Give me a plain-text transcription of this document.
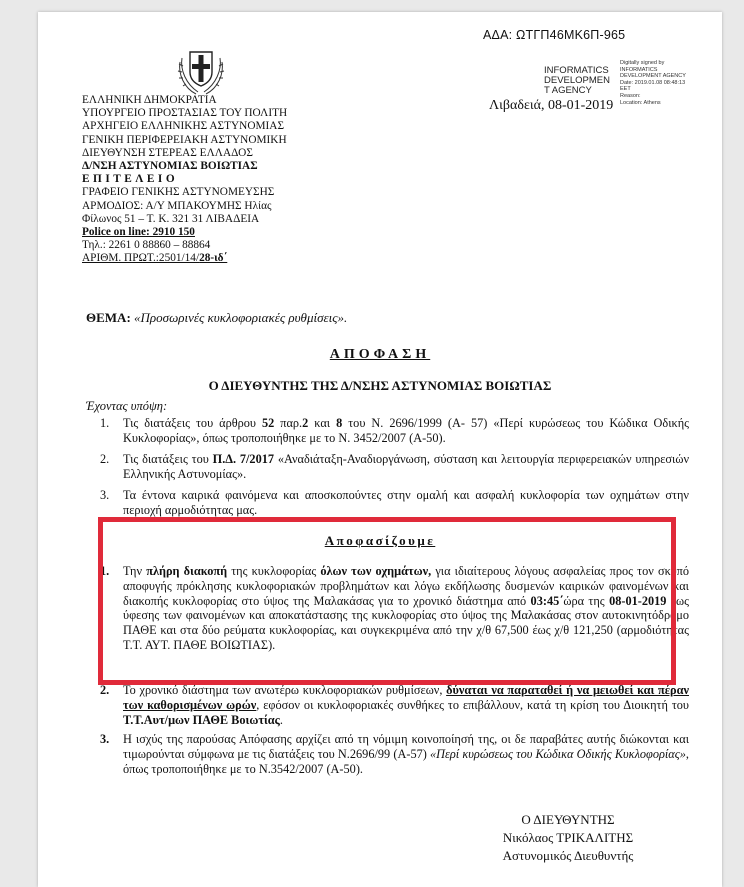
ΑΔΑ: ΩΤΓΠ46ΜΚ6Π-965
INFORMATICS
DEVELOPMEN
T AGENCY
Digitally signed by
INFORMATICS
DEVELOPMENT AGENCY
Date: 2019.01.08 08:48:13
EET
Reason:
Location: Athens
Λιβαδειά, 08-01-2019
ΕΛΛΗΝΙΚΗ ΔΗΜΟΚΡΑΤΙΑ
ΥΠΟΥΡΓΕΙΟ ΠΡΟΣΤΑΣΙΑΣ ΤΟΥ ΠΟΛΙΤΗ
ΑΡΧΗΓΕΙΟ ΕΛΛΗΝΙΚΗΣ ΑΣΤΥΝΟΜΙΑΣ
ΓΕΝΙΚΗ ΠΕΡΙΦΕΡΕΙΑΚΗ ΑΣΤΥΝΟΜΙΚΗ
ΔΙΕΥΘΥΝΣΗ ΣΤΕΡΕΑΣ ΕΛΛΑΔΟΣ
Δ/ΝΣΗ ΑΣΤΥΝΟΜΙΑΣ ΒΟΙΩΤΙΑΣ
ΕΠΙΤΕΛΕΙΟ
ΓΡΑΦΕΙΟ ΓΕΝΙΚΗΣ ΑΣΤΥΝΟΜΕΥΣΗΣ
ΑΡΜΟΔΙΟΣ: Α/Υ ΜΠΑΚΟΥΜΗΣ Ηλίας
Φίλωνος 51 – Τ. Κ. 321 31 ΛΙΒΑΔΕΙΑ
Police on line: 2910 150
Τηλ.: 2261 0 88860 – 88864
ΑΡΙΘΜ. ΠΡΩΤ.:2501/14/28-ιδ΄
ΘΕΜΑ: «Προσωρινές κυκλοφοριακές ρυθμίσεις».
ΑΠΟΦΑΣΗ
Ο ΔΙΕΥΘΥΝΤΗΣ ΤΗΣ Δ/ΝΣΗΣ ΑΣΤΥΝΟΜΙΑΣ ΒΟΙΩΤΙΑΣ
Έχοντας υπόψη:
1. Τις διατάξεις του άρθρου 52 παρ.2 και 8 του Ν. 2696/1999 (Α- 57) «Περί κυρώσεως του Κώδικα Οδικής Κυκλοφορίας», όπως τροποποιήθηκε με το Ν. 3452/2007 (Α-50).
2. Τις διατάξεις του Π.Δ. 7/2017 «Αναδιάταξη-Αναδιοργάνωση, σύσταση και λειτουργία περιφερειακών υπηρεσιών Ελληνικής Αστυνομίας».
3. Τα έντονα καιρικά φαινόμενα και αποσκοπούντες στην ομαλή και ασφαλή κυκλοφορία των οχημάτων στην περιοχή αρμοδιότητας μας.
Αποφασίζουμε
1. Την πλήρη διακοπή της κυκλοφορίας όλων των οχημάτων, για ιδιαίτερους λόγους ασφαλείας προς τον σκοπό αποφυγής πρόκλησης κυκλοφοριακών προβλημάτων και λόγω εκδήλωσης δυσμενών καιρικών φαινομένων και διακοπής κυκλοφορίας στο ύψος της Μαλακάσας για το χρονικό διάστημα από 03:45΄ώρα της 08-01-2019 έως ύφεσης των φαινομένων και αποκατάστασης της κυκλοφορίας στο ύψος της Μαλακάσας στον αυτοκινητόδρομο ΠΑΘΕ και στα δύο ρεύματα κυκλοφορίας, και συγκεκριμένα από την χ/θ 67,500 έως χ/θ 121,250 (αρμοδιότητας Τ.Τ. ΑΥΤ. ΠΑΘΕ ΒΟΙΩΤΙΑΣ).
2. Το χρονικό διάστημα των ανωτέρω κυκλοφοριακών ρυθμίσεων, δύναται να παραταθεί ή να μειωθεί και πέραν των καθορισμένων ωρών, εφόσον οι κυκλοφοριακές συνθήκες το επιβάλλουν, κατά τη κρίση του Διοικητή του Τ.Τ.Αυτ/μων ΠΑΘΕ Βοιωτίας.
3. Η ισχύς της παρούσας Απόφασης αρχίζει από τη νόμιμη κοινοποίησή της, οι δε παραβάτες αυτής διώκονται και τιμωρούνται σύμφωνα με τις διατάξεις του Ν.2696/99 (Α-57) «Περί κυρώσεως του Κώδικα Οδικής Κυκλοφορίας», όπως τροποποιήθηκε με το Ν.3542/2007 (Α-50).
Ο ΔΙΕΥΘΥΝΤΗΣ
Νικόλαος ΤΡΙΚΑΛΙΤΗΣ
Αστυνομικός Διευθυντής
